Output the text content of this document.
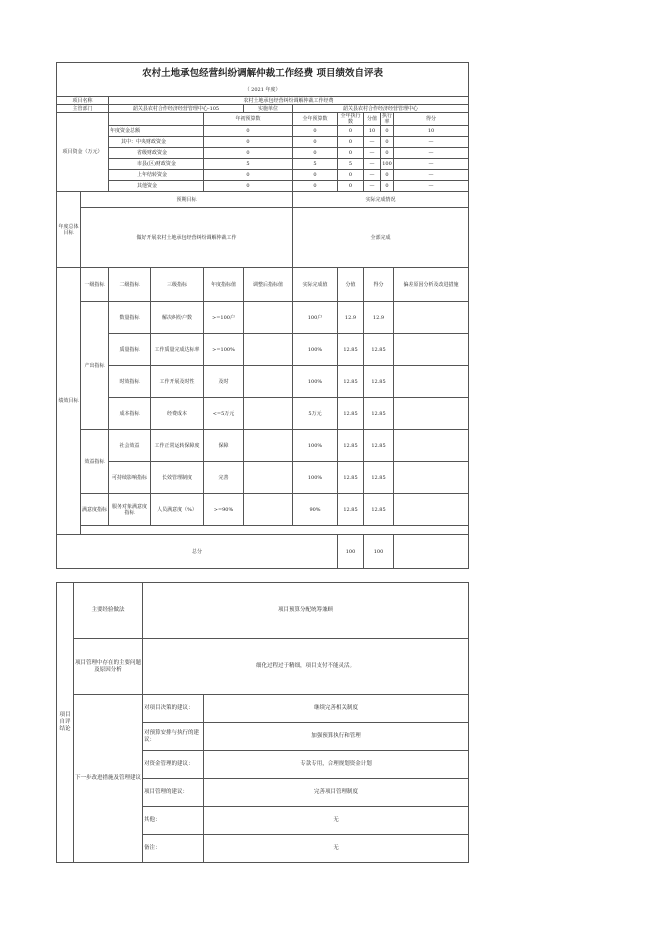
农村土地承包经营纠纷调解仲裁工作经费 项目绩效自评表										
（ 2021 年度）										
项目名称		农村土地承包经营纠纷调解仲裁工作经费								
主管部门		韶关县农村合作经济经营管理中心-105			实施单位	韶关县农村合作经济经营管理中心				
项目资金（万元）				年初预算数		全年预算数	全年执行数	分值	执行率	得分
		年度资金总额		0		0	0	10	0	10
		其中：中央财政资金		0		0	0	—	0	—
		省级财政资金		0		0	0	—	0	—
		市县(区)财政资金		5		5	5	—	100	—
		上年结转资金		0		0	0	—	0	—
		其他资金		0		0	0	—	0	—
年度总体目标	预期目标					实际完成情况				
	做好开展农村土地承包经营纠纷调解仲裁工作					全部完成				
绩效目标	一级指标	二级指标	三级指标	年度指标值	调整后指标值	实际完成值	分值	得分		偏差原因分析及改进措施
	产出指标	数量指标	解决纠纷户数	>=100户		100户	12.9	12.9		
		质量指标	工作质量完成达标率	>=100%		100%	12.85	12.85		
		时效指标	工作开展及时性	及时		100%	12.85	12.85		
		成本指标	经费成本	<=5万元		5万元	12.85	12.85		
	效益指标	社会效益	工作正常运转保障度	保障		100%	12.85	12.85		
		可持续影响指标	长效管理制度	完善		100%	12.85	12.85		
	满意度指标	服务对象满意度指标	人员满意度（%）	>=90%		90%	12.85	12.85		

总分							100	100		
项目自评结论	主要经验做法	项目预算分配统筹兼顾	
	项目管理中存在的主要问题及原因分析	细化过程过于精细，项目支付不能灵活。	
	下一步改进措施及管理建议	对项目决策的建议：	继续完善相关制度
		对预算安排与执行的建议：	加强预算执行和管理
		对资金管理的建议：	专款专用，合理规划资金计划
		项目管理的建议：	完善项目管理制度
		其他：	无
		备注：	无
